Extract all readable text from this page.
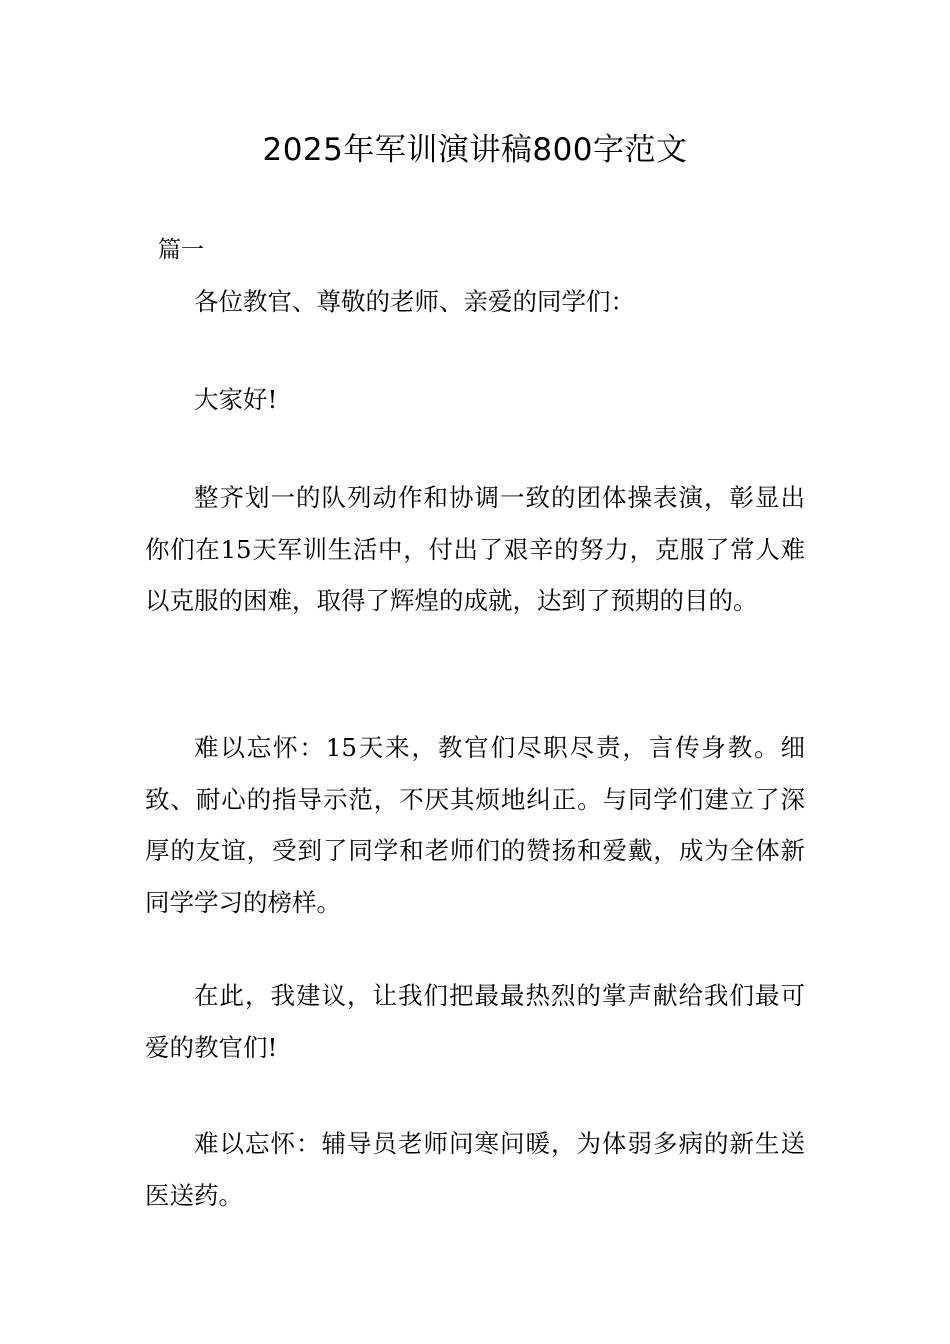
2025年军训演讲稿800字范文
篇一

各位教官、尊敬的老师、亲爱的同学们：

大家好!

整齐划一的队列动作和协调一致的团体操表演，彰显出你们在15天军训生活中，付出了艰辛的努力，克服了常人难以克服的困难，取得了辉煌的成就，达到了预期的目的。

难以忘怀：15天来，教官们尽职尽责，言传身教。细致、耐心的指导示范，不厌其烦地纠正。与同学们建立了深厚的友谊，受到了同学和老师们的赞扬和爱戴，成为全体新同学学习的榜样。

在此，我建议，让我们把最最热烈的掌声献给我们最可爱的教官们!

难以忘怀：辅导员老师问寒问暖，为体弱多病的新生送医送药。
